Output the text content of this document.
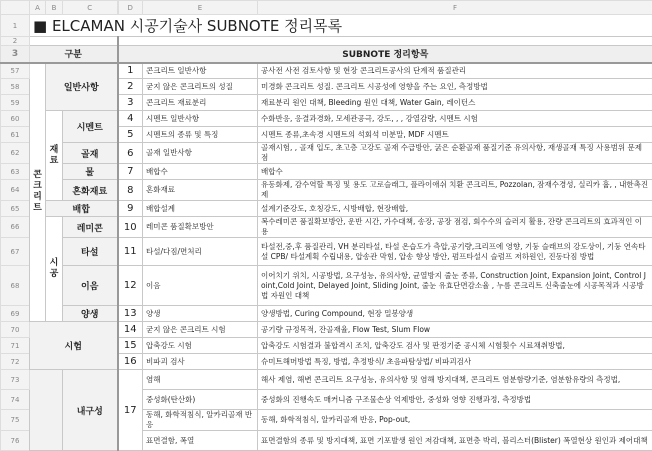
	A	B	C	D	E	F
1	■ ELCAMAN 시공기술사 SUBNOTE 정리목록					
2						
3	구분			SUBNOTE 정리항목		
57	콘크리트	일반사항		1	콘크리트 일반사항	공사전 사전 검토사항 및 현장 콘크리트공사의 단계적 품질관리
58				2	굳지 않은 콘크리트의 성질	미경화 콘크리트 성질. 콘크리트 시공성에 영향을 주는 요인, 측정방법
59				3	콘크리트 재료분리	재료분리 원인 대책, Bleeding 원인 대책, Water Gain, 레이턴스
60		재료	시멘트	4	시멘트 일반사항	수화반응, 응결과경화, 모세관공극, 강도, , , 강열감량, 시멘트 시험
61				5	시멘트의 종류 및 특징	시멘트 종류,초속경 시멘트의 석회석 미분말, MDF 시멘트
62			골재	6	골재 일반사항	골재시험, , 골재 입도, 초고층 고강도 골재 수급방안, 굵은 순환골재 품질기준 유의사항, 재생골재 특징 사용범위 문제점
63			물	7	배합수	배합수
64			혼화재료	8	혼화재료	유동화제, 감수역할 특징 및 용도 고로슬래그, 플라이애쉬 치환 콘크리트, Pozzolan, 잠재수경성, 실리카 흄, , 내한촉진제
65		배합		9	배합설계	설계기준강도, 호칭강도, 시방배합, 현장배합,
66		시공	레미콘	10	레미콘 품질확보방안	복수레미콘 품질확보방안, 운반 시간, 가수대책, 송장, 공장 점검, 회수수의 슬러지 활용, 잔량 콘크리트의 효과적인 이용
67			타설	11	타설/다짐/면처리	타설전,중,후 품질관리, VH 분리타설, 타설 온습도가 측압,공기량,크리프에 영향, 기둥 슬래브의 강도상이, 기둥 연속타설 CPB/ 타설계획 수립내용, 압송관 막힘, 압송 향상 방안, 펌프타설시 슬럼프 저하원인, 진동다짐 방법
68			이음	12	이음	이어치기 위치, 시공방법, 요구성능, 유의사항, 균열방지 줄눈 종류, Construction Joint, Expansion Joint, Control Joint,Cold Joint, Delayed Joint, Sliding Joint, 줄눈 유효단면감소율 , 누름 콘크리트 신축줄눈에 시공목적과 시공방법 자원인 대책
69			양생	13	양생	양생방법, Curing Compound, 현장 밀봉양생
70	시험			14	굳지 않은 콘크리트 시험	공기량 규정목적, 잔골재율, Flow Test, Slum Flow
71				15	압축강도 시험	압축강도 시험결과 불합격시 조치, 압축강도 검사 및 판정기준 공시체 시험횟수 시료채취방법,
72				16	비파괴 검사	슈미트해머방법 특징, 방법, 추정방식/ 초음파탐상법/ 비파괴검사
73			내구성	17	염해	해사 제염, 해변 콘크리트 요구성능, 유의사항 및 염해 방지대책, 콘크리트 염분함량기준, 염분함유량의 측정법,
74					중성화(탄산화)	중성화의 진행속도 매커니즘 구조물손상 억제방안, 중성화 영향 진행과정, 측정방법
75					동해, 화학적침식, 알카리골재 반응	동해, 화학적침식, 알카리골재 반응, Pop-out,
76					표면결함, 폭열	표면결함의 종류 및 방지대책, 표면 기포발생 원인 저감대책, 표면층 박리, 블리스터(Blister) 폭열현상 원인과 제어대책
